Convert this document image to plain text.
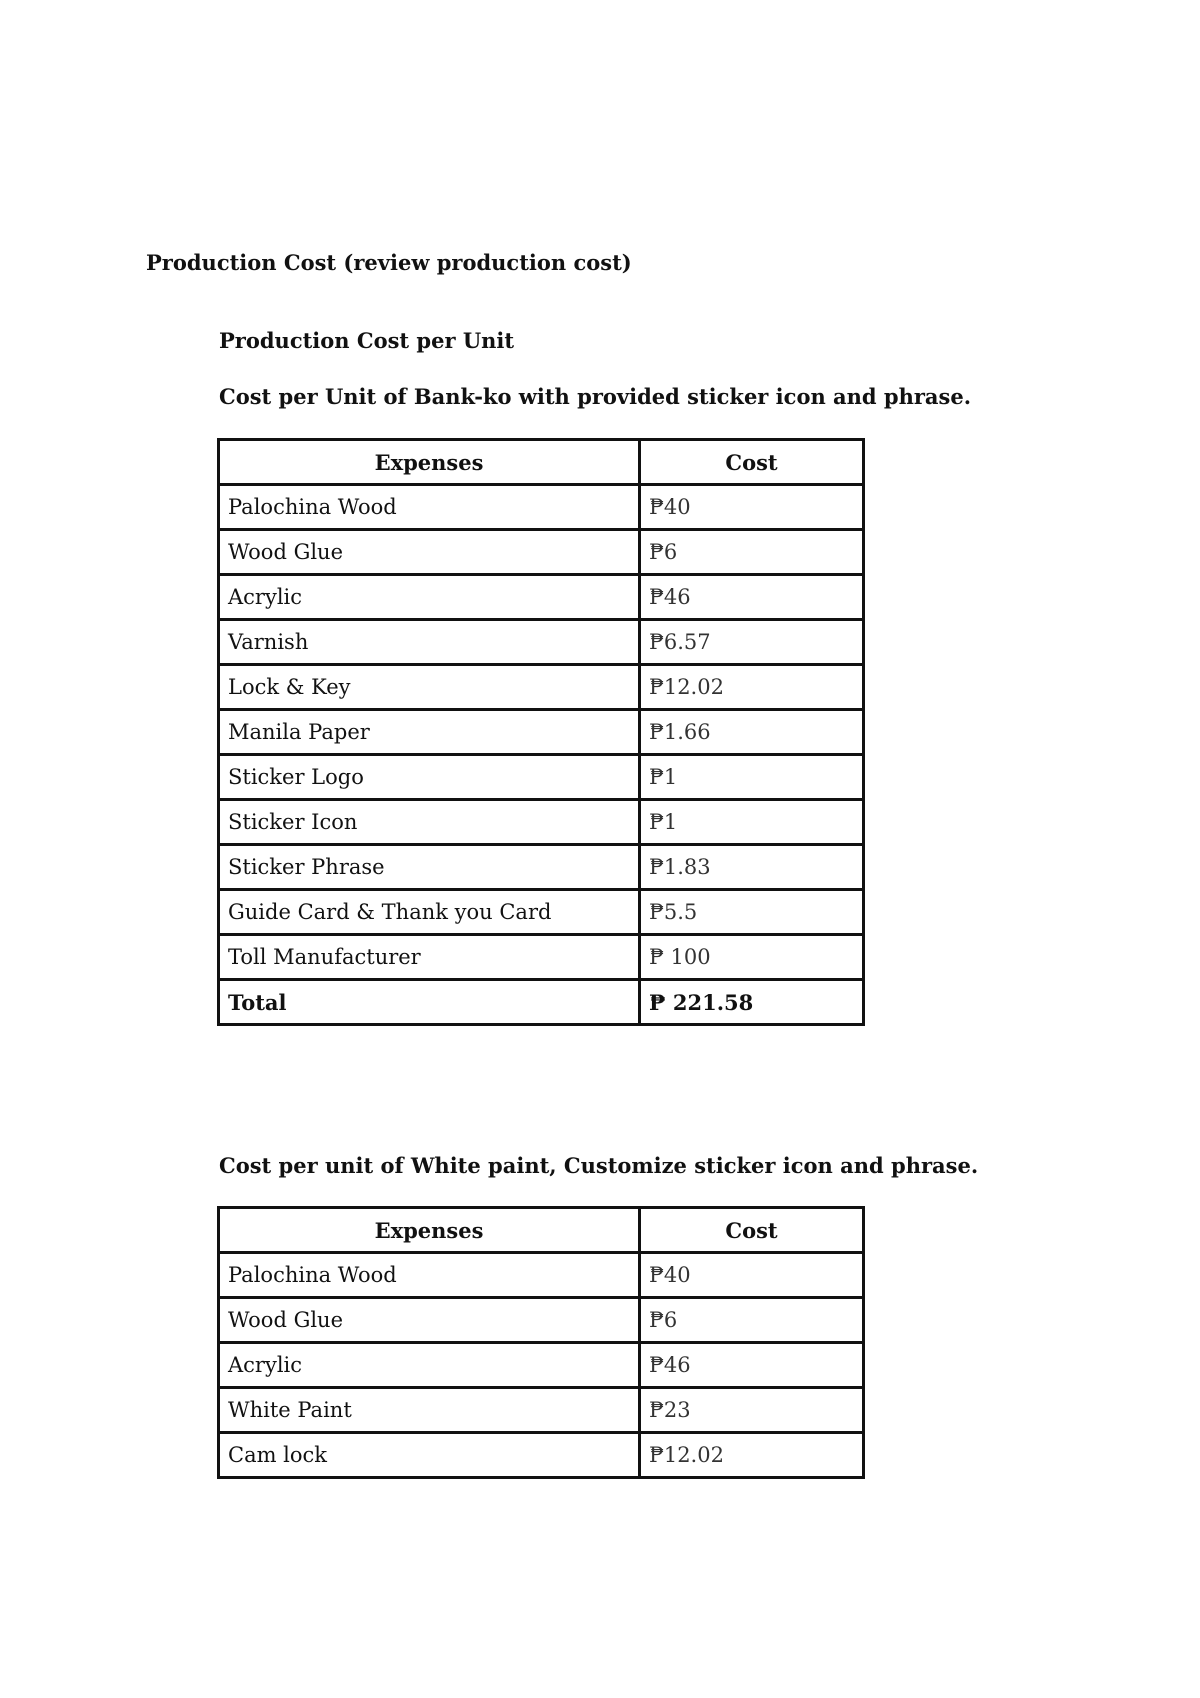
Production Cost (review production cost)
Production Cost per Unit

Cost per Unit of Bank-ko with provided sticker icon and phrase.

Expenses	Cost
Palochina Wood	₱40
Wood Glue	₱6
Acrylic	₱46
Varnish	₱6.57
Lock & Key	₱12.02
Manila Paper	₱1.66
Sticker Logo	₱1
Sticker Icon	₱1
Sticker Phrase	₱1.83
Guide Card & Thank you Card	₱5.5
Toll Manufacturer	₱ 100
Total	₱ 221.58

Cost per unit of White paint, Customize sticker icon and phrase.

Expenses	Cost
Palochina Wood	₱40
Wood Glue	₱6
Acrylic	₱46
White Paint	₱23
Cam lock	₱12.02
